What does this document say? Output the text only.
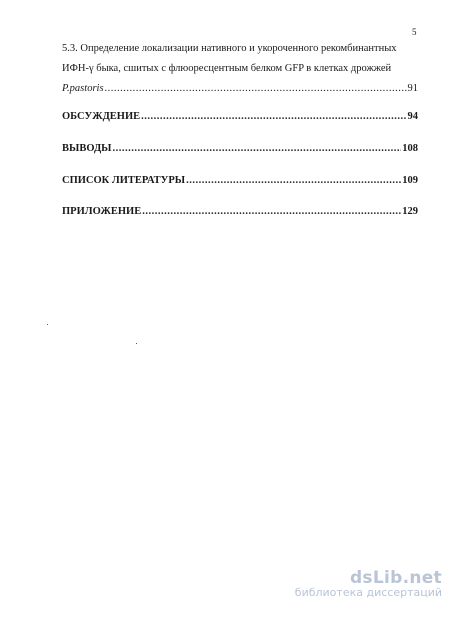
5
5.3. Определение локализации нативного и укороченного рекомбинантных
ИФН-γ быка, сшитых с флюоресцентным белком GFP в клетках дрожжей
P.pastoris .....	91
ОБСУЖДЕНИЕ .....	94
ВЫВОДЫ .....	108
СПИСОК ЛИТЕРАТУРЫ .....	109
ПРИЛОЖЕНИЕ .....	129
dsLib.net
библиотека диссертаций
